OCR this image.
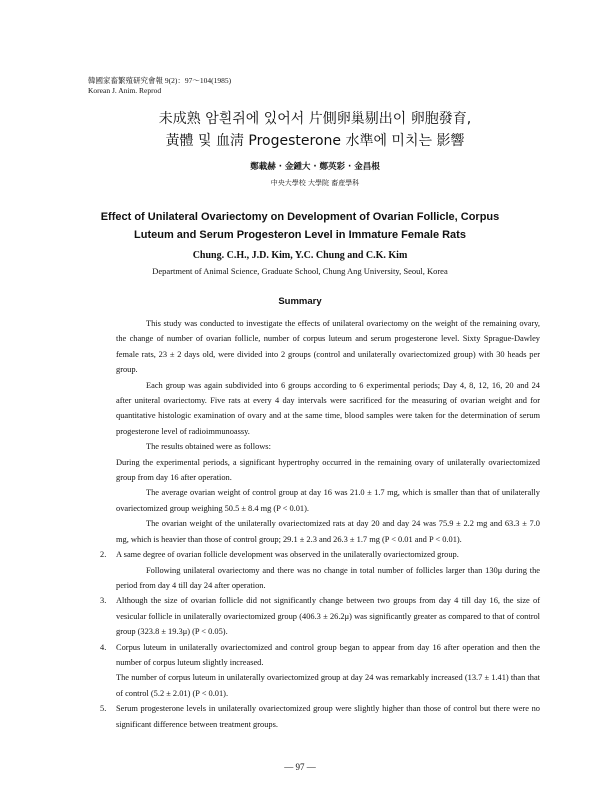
韓國家畜繁殖研究會報 9(2)：97～104(1985)
Korean J. Anim. Reprod
未成熟 암흰쥐에 있어서 片側卵巢剔出이 卵胞發育,
黃體 및 血淸 Progesterone 水準에 미치는 影響
鄭載赫 · 金鍾大 · 鄭英彩 · 金昌根
中央大學校 大學院 畜産學科
Effect of Unilateral Ovariectomy on Development of Ovarian Follicle, Corpus
Luteum and Serum Progesteron Level in Immature Female Rats
Chung. C.H., J.D. Kim, Y.C. Chung and C.K. Kim
Department of Animal Science, Graduate School, Chung Ang University, Seoul, Korea
Summary

This study was conducted to investigate the effects of unilateral ovariectomy on the weight of the remaining ovary, the change of number of ovarian follicle, number of corpus luteum and serum progesterone level. Sixty Sprague-Dawley female rats, 23 ± 2 days old, were divided into 2 groups (control and unilaterally ovariectomized group) with 30 heads per group.

Each group was again subdivided into 6 groups according to 6 experimental periods; Day 4, 8, 12, 16, 20 and 24 after uniteral ovariectomy. Five rats at every 4 day intervals were sacrificed for the measuring of ovarian weight and for quantitative histologic examination of ovary and at the same time, blood samples were taken for the determination of serum progesterone level of radioimmunoassy.

The results obtained were as follows:

During the experimental periods, a significant hypertrophy occurred in the remaining ovary of unilaterally ovariectomized group from day 16 after operation.

The average ovarian weight of control group at day 16 was 21.0 ± 1.7 mg, which is smaller than that of unilaterally ovariectomized group weighing 50.5 ± 8.4 mg (P < 0.01).

The ovarian weight of the unilaterally ovariectomized rats at day 20 and day 24 was 75.9 ± 2.2 mg and 63.3 ± 7.0 mg, which is heavier than those of control group; 29.1 ± 2.3 and 26.3 ± 1.7 mg (P < 0.01 and P < 0.01).

2. A same degree of ovarian follicle development was observed in the unilaterally ovariectomized group.

Following unilateral ovariectomy and there was no change in total number of follicles larger than 130μ during the period from day 4 till day 24 after operation.

3. Although the size of ovarian follicle did not significantly change between two groups from day 4 till day 16, the size of vesicular follicle in unilaterally ovariectomized group (406.3 ± 26.2μ) was significantly greater as compared to that of control group (323.8 ± 19.3μ) (P < 0.05).

4. Corpus luteum in unilaterally ovariectomized and control group began to appear from day 16 after operation and then the number of corpus luteum slightly increased.

The number of corpus luteum in unilaterally ovariectomized group at day 24 was remarkably increased (13.7 ± 1.41) than that of control (5.2 ± 2.01) (P < 0.01).

5. Serum progesterone levels in unilaterally ovariectomized group were slightly higher than those of control but there were no significant difference between treatment groups.

— 97 —
